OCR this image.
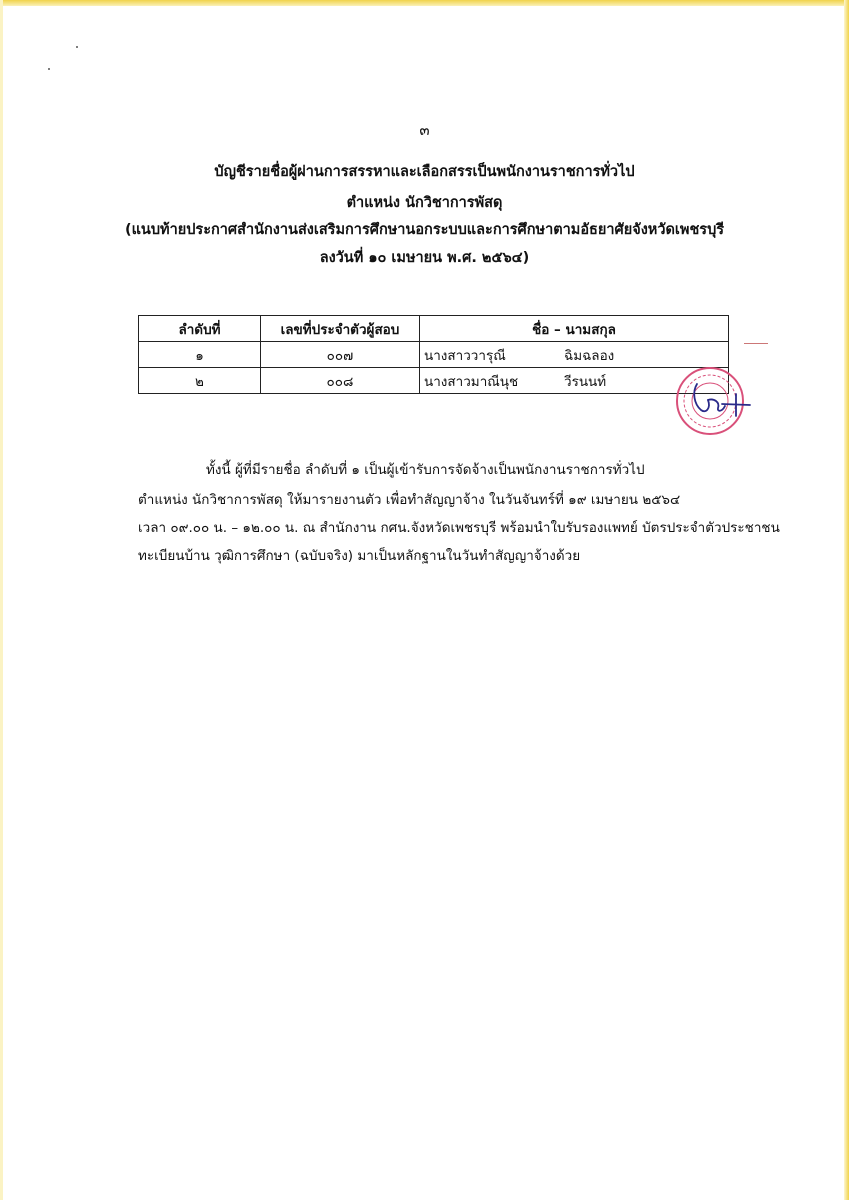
๓
บัญชีรายชื่อผู้ผ่านการสรรหาและเลือกสรรเป็นพนักงานราชการทั่วไป
ตำแหน่ง นักวิชาการพัสดุ
(แนบท้ายประกาศสำนักงานส่งเสริมการศึกษานอกระบบและการศึกษาตามอัธยาศัยจังหวัดเพชรบุรี
ลงวันที่ ๑๐ เมษายน พ.ศ. ๒๕๖๔)
ลำดับที่	เลขที่ประจำตัวผู้สอบ	ชื่อ – นามสกุล
๑	๐๐๗	นางสาววารุณี ฉิมฉลอง
๒	๐๐๘	นางสาวมาณีนุช วีรนนท์
ทั้งนี้ ผู้ที่มีรายชื่อ ลำดับที่ ๑ เป็นผู้เข้ารับการจัดจ้างเป็นพนักงานราชการทั่วไป
ตำแหน่ง นักวิชาการพัสดุ ให้มารายงานตัว เพื่อทำสัญญาจ้าง ในวันจันทร์ที่ ๑๙ เมษายน ๒๕๖๔
เวลา ๐๙.๐๐ น. – ๑๒.๐๐ น. ณ สำนักงาน กศน.จังหวัดเพชรบุรี พร้อมนำใบรับรองแพทย์ บัตรประจำตัวประชาชน
ทะเบียนบ้าน วุฒิการศึกษา (ฉบับจริง) มาเป็นหลักฐานในวันทำสัญญาจ้างด้วย
